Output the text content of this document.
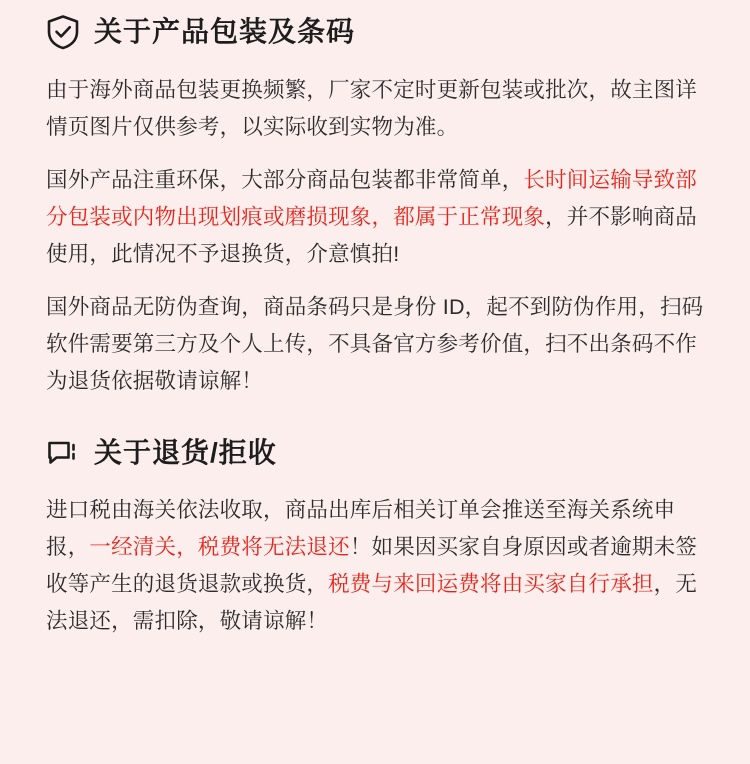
关于产品包装及条码

由于海外商品包装更换频繁，厂家不定时更新包装或批次，故主图详情页图片仅供参考，以实际收到实物为准。

国外产品注重环保，大部分商品包装都非常简单，长时间运输导致部分包装或内物出现划痕或磨损现象，都属于正常现象，并不影响商品使用，此情况不予退换货，介意慎拍!

国外商品无防伪查询，商品条码只是身份 ID，起不到防伪作用，扫码软件需要第三方及个人上传，不具备官方参考价值，扫不出条码不作为退货依据敬请谅解！

关于退货/拒收

进口税由海关依法收取，商品出库后相关订单会推送至海关系统申报，一经清关，税费将无法退还！如果因买家自身原因或者逾期未签收等产生的退货退款或换货，税费与来回运费将由买家自行承担，无法退还，需扣除，敬请谅解！
